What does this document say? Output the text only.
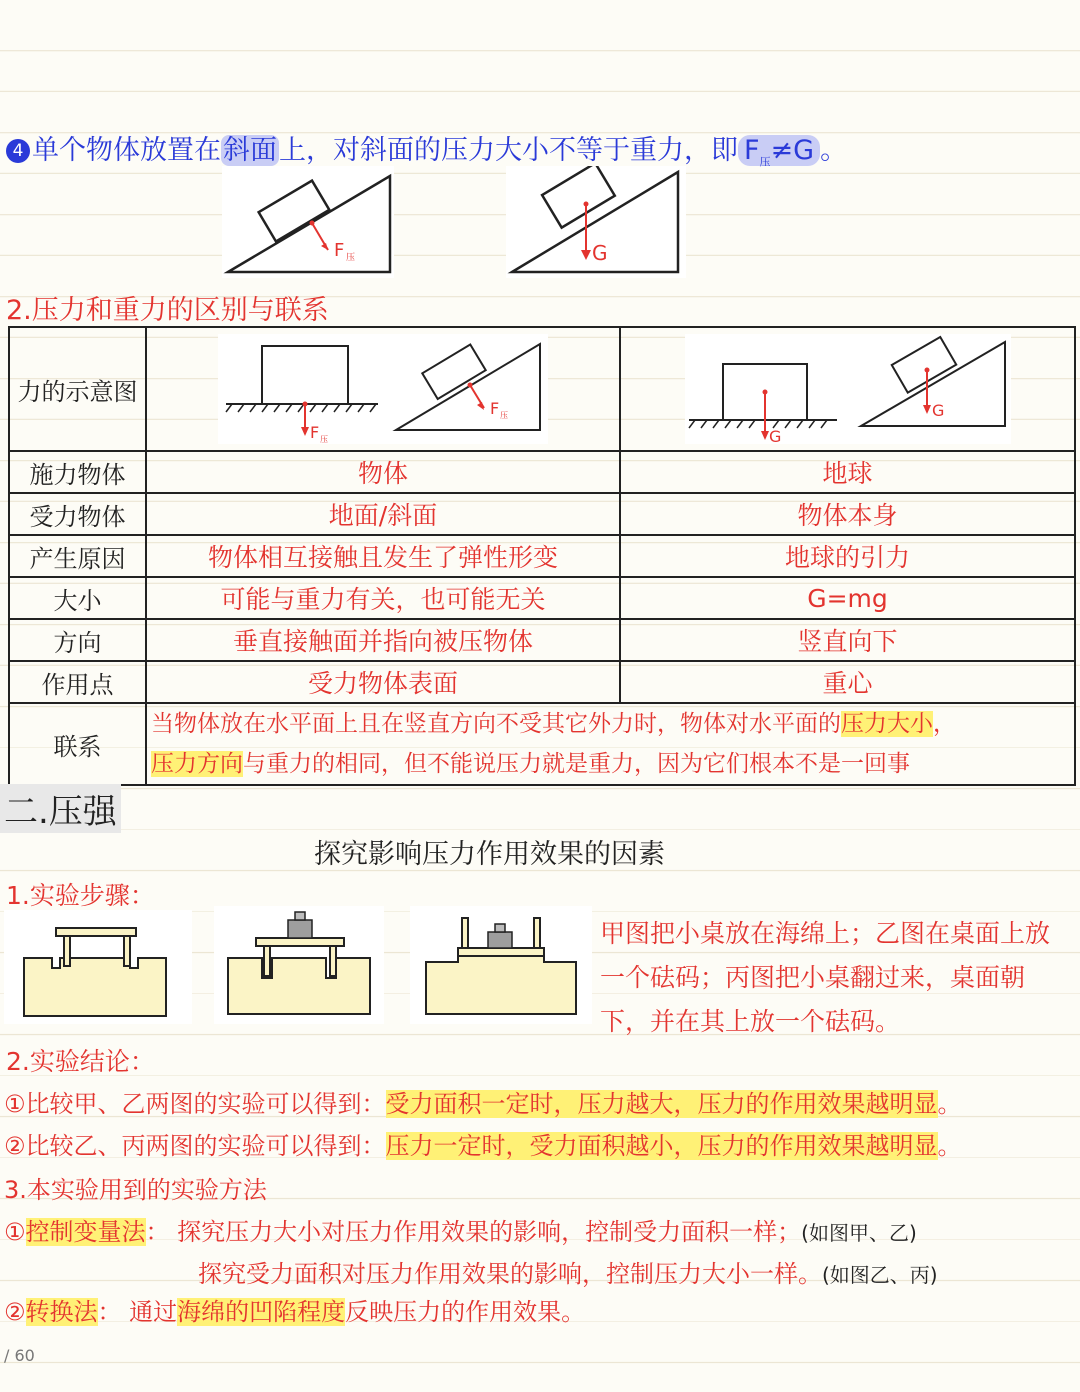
4 单个物体放置在斜面上，对斜面的压力大小不等于重力，即 $F_压\ne G$ 。
F 压	G
2.压力和重力的区别与联系
力的示意图	F 压
F 压	G
G

施力物体	物体	地球
受力物体	地面/斜面	物体本身
产生原因	物体相互接触且发生了弹性形变	地球的引力
大小	可能与重力有关，也可能无关	G=mg
方向	垂直接触面并指向被压物体	竖直向下
作用点	受力物体表面	重心
联系	当物体放在水平面上且在竖直方向不受其它外力时，物体对水平面的压力大小，
压力方向与重力的相同，但不能说压力就是重力，因为它们根本不是一回事	
二.压强
探究影响压力作用效果的因素
1.实验步骤：
甲图把小桌放在海绵上；乙图在桌面上放一个砝码；丙图把小桌翻过来，桌面朝下，并在其上放一个砝码。
2.实验结论：
①比较甲、乙两图的实验可以得到：受力面积一定时，压力越大，压力的作用效果越明显。
②比较乙、丙两图的实验可以得到：压力一定时，受力面积越小，压力的作用效果越明显。
3.本实验用到的实验方法
①控制变量法： 探究压力大小对压力作用效果的影响，控制受力面积一样；(如图甲、乙)
探究受力面积对压力作用效果的影响，控制压力大小一样。(如图乙、丙)
②转换法： 通过海绵的凹陷程度反映压力的作用效果。
/ 60
